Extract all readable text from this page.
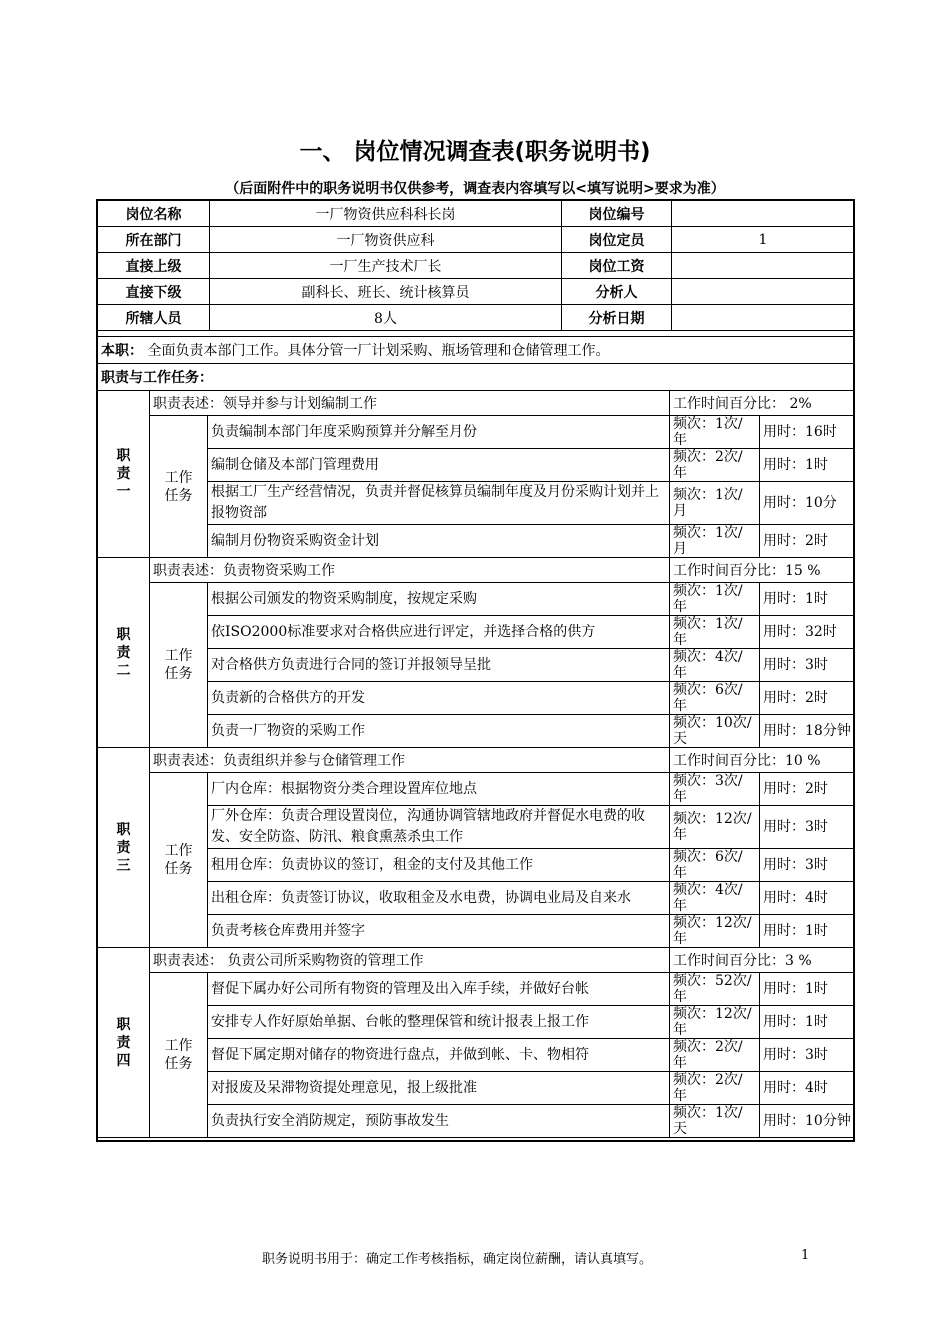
一、 岗位情况调查表(职务说明书)
（后面附件中的职务说明书仅供参考，调查表内容填写以<填写说明>要求为准）
岗位名称	一厂物资供应科科长岗	岗位编号	
所在部门	一厂物资供应科	岗位定员	1
直接上级	一厂生产技术厂长	岗位工资	
直接下级	副科长、班长、统计核算员	分析人	
所辖人员	8人	分析日期	
本职： 全面负责本部门工作。具体分管一厂计划采购、瓶场管理和仓储管理工作。				
职责与工作任务：				
职责一	职责表述：领导并参与计划编制工作		工作时间百分比： 2%	
	工作任务	负责编制本部门年度采购预算并分解至月份	频次：1次/年	用时：16时
		编制仓储及本部门管理费用	频次：2次/年	用时：1时
		根据工厂生产经营情况，负责并督促核算员编制年度及月份采购计划并上报物资部	频次：1次/月	用时：10分
		编制月份物资采购资金计划	频次：1次/月	用时：2时
职责二	职责表述：负责物资采购工作		工作时间百分比：15 %	
	工作任务	根据公司颁发的物资采购制度，按规定采购	频次：1次/年	用时：1时
		依ISO2000标准要求对合格供应进行评定，并选择合格的供方	频次：1次/年	用时：32时
		对合格供方负责进行合同的签订并报领导呈批	频次：4次/年	用时：3时
		负责新的合格供方的开发	频次：6次/年	用时：2时
		负责一厂物资的采购工作	频次：10次/天	用时：18分钟
职责三	职责表述：负责组织并参与仓储管理工作		工作时间百分比：10 %	
	工作任务	厂内仓库：根据物资分类合理设置库位地点	频次：3次/年	用时：2时
		厂外仓库：负责合理设置岗位，沟通协调管辖地政府并督促水电费的收发、安全防盗、防汛、粮食熏蒸杀虫工作	频次：12次/年	用时：3时
		租用仓库：负责协议的签订，租金的支付及其他工作	频次：6次/年	用时：3时
		出租仓库：负责签订协议，收取租金及水电费，协调电业局及自来水	频次：4次/年	用时：4时
		负责考核仓库费用并签字	频次：12次/年	用时：1时
职责四	职责表述： 负责公司所采购物资的管理工作		工作时间百分比：3 %	
	工作任务	督促下属办好公司所有物资的管理及出入库手续，并做好台帐	频次：52次/年	用时：1时
		安排专人作好原始单据、台帐的整理保管和统计报表上报工作	频次：12次/年	用时：1时
		督促下属定期对储存的物资进行盘点，并做到帐、卡、物相符	频次：2次/年	用时：3时
		对报废及呆滞物资提处理意见，报上级批准	频次：2次/年	用时：4时
		负责执行安全消防规定，预防事故发生	频次：1次/天	用时：10分钟
职务说明书用于：确定工作考核指标，确定岗位薪酬，请认真填写。	1
